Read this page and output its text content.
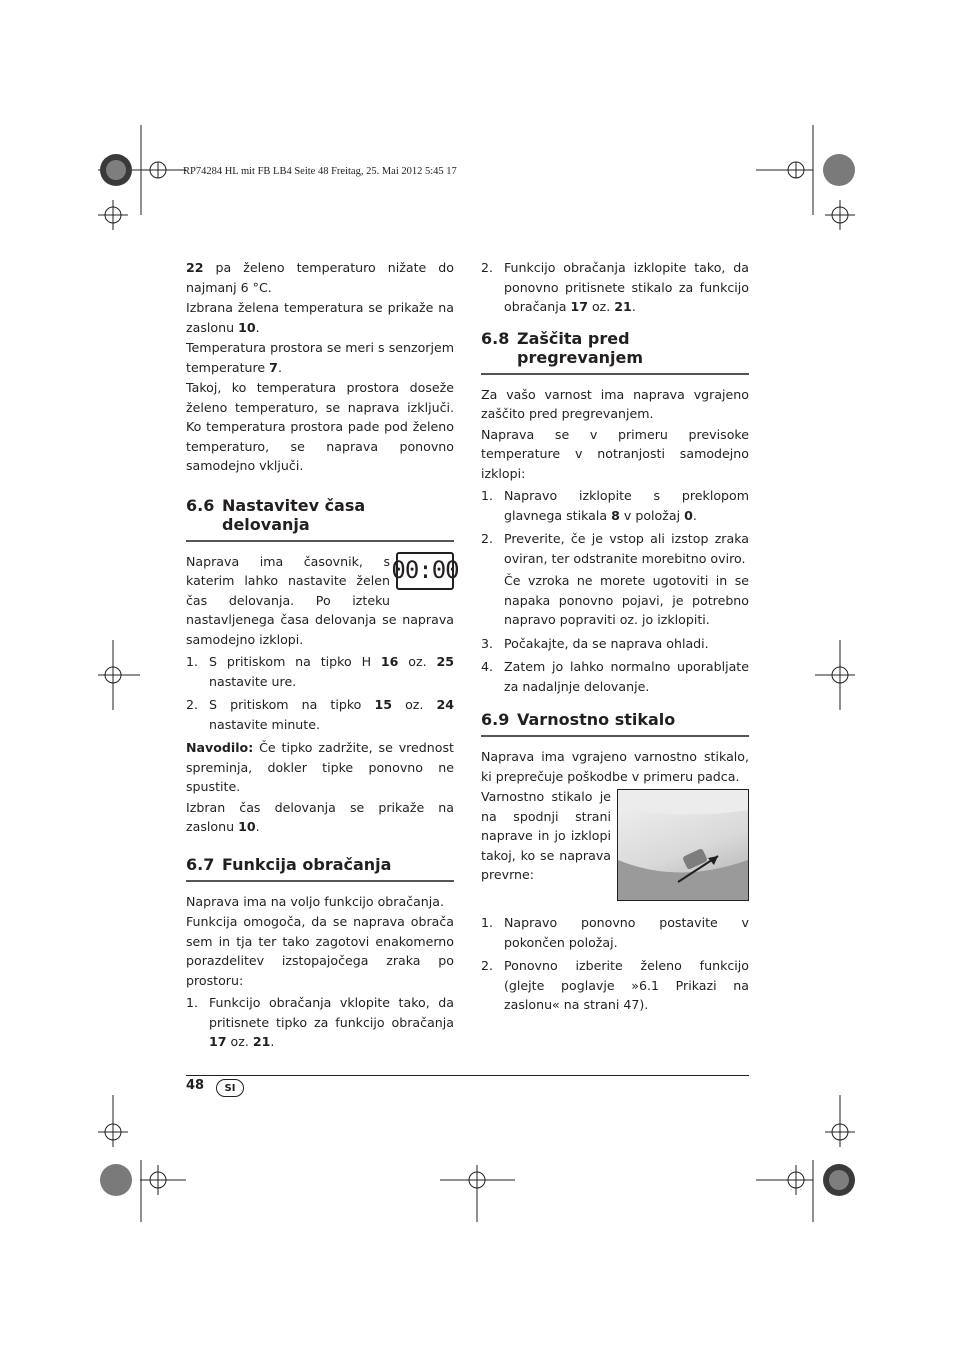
RP74284 HL mit FB LB4 Seite 48 Freitag, 25. Mai 2012 5:45 17

22 pa želeno temperaturo nižate do najmanj 6 °C.

Izbrana želena temperatura se prikaže na zaslonu 10.

Temperatura prostora se meri s senzorjem temperature 7.

Takoj, ko temperatura prostora doseže želeno temperaturo, se naprava izklјuči. Ko temperatura prostora pade pod želeno temperaturo, se naprava ponovno samodejno vklјuči.

6.6 Nastavitev časa
delovanja
00:00

Naprava ima časovnik, s katerim lahko nastavite želen čas delovanja. Po izteku nastavljenega časa delovanja se naprava samodejno izklopi.

1. S pritiskom na tipko H 16 oz. 25 nastavite ure.
2. S pritiskom na tipko 15 oz. 24 nastavite minute.

Navodilo: Če tipko zadržite, se vrednost spreminja, dokler tipke ponovno ne spustite.

Izbran čas delovanja se prikaže na zaslonu 10.

6.7 Funkcija obračanja

Naprava ima na voljo funkcijo obračanja.

Funkcija omogoča, da se naprava obrača sem in tja ter tako zagotovi enakomerno porazdelitev izstopajočega zraka po prostoru:

1. Funkcijo obračanja vklopite tako, da pritisnete tipko za funkcijo obračanja 17 oz. 21.
2. Funkcijo obračanja izklopite tako, da ponovno pritisnete stikalo za funkcijo obračanja 17 oz. 21.
6.8 Zaščita pred
pregrevanjem

Za vašo varnost ima naprava vgrajeno zaščito pred pregrevanjem.

Naprava se v primeru previsoke temperature v notranjosti samodejno izklopi:

1. Napravo izklopite s preklopom glavnega stikala 8 v položaj 0.
2. Preverite, če je vstop ali izstop zraka oviran, ter odstranite morebitno oviro.

Če vzroka ne morete ugotoviti in se napaka ponovno pojavi, je potrebno napravo popraviti oz. jo izklopiti.

3. Počakajte, da se naprava ohladi.
4. Zatem jo lahko normalno uporabljate za nadaljnje delovanje.
6.9 Varnostno stikalo

Naprava ima vgrajeno varnostno stikalo, ki preprečuje poškodbe v primeru padca.

Varnostno stikalo je na spodnji strani naprave in jo izklopi takoj, ko se naprava prevrne:

1. Napravo ponovno postavite v pokončen položaj.
2. Ponovno izberite želeno funkcijo (glejte poglavje »6.1 Prikazi na zaslonu« na strani 47).
48	SI
